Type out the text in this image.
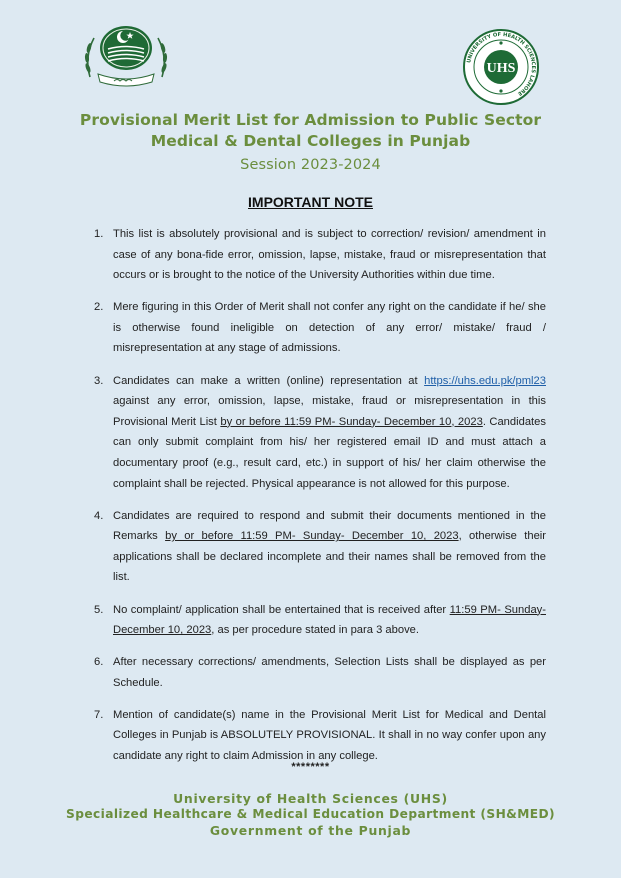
UNIVERSITY OF HEALTH SCIENCES LAHORE
UHS
Provisional Merit List for Admission to Public Sector
Medical & Dental Colleges in Punjab
Session 2023-2024
IMPORTANT NOTE
1. This list is absolutely provisional and is subject to correction/ revision/ amendment in case of any bona-fide error, omission, lapse, mistake, fraud or misrepresentation that occurs or is brought to the notice of the University Authorities within due time.
2. Mere figuring in this Order of Merit shall not confer any right on the candidate if he/ she is otherwise found ineligible on detection of any error/ mistake/ fraud / misrepresentation at any stage of admissions.
3. Candidates can make a written (online) representation at https://uhs.edu.pk/pml23 against any error, omission, lapse, mistake, fraud or misrepresentation in this Provisional Merit List by or before 11:59 PM- Sunday- December 10, 2023. Candidates can only submit complaint from his/ her registered email ID and must attach a documentary proof (e.g., result card, etc.) in support of his/ her claim otherwise the complaint shall be rejected. Physical appearance is not allowed for this purpose.
4. Candidates are required to respond and submit their documents mentioned in the Remarks by or before 11:59 PM- Sunday- December 10, 2023, otherwise their applications shall be declared incomplete and their names shall be removed from the list.
5. No complaint/ application shall be entertained that is received after 11:59 PM- Sunday- December 10, 2023, as per procedure stated in para 3 above.
6. After necessary corrections/ amendments, Selection Lists shall be displayed as per Schedule.
7. Mention of candidate(s) name in the Provisional Merit List for Medical and Dental Colleges in Punjab is ABSOLUTELY PROVISIONAL. It shall in no way confer upon any candidate any right to claim Admission in any college.
********
University of Health Sciences (UHS)
Specialized Healthcare & Medical Education Department (SH&MED)
Government of the Punjab
